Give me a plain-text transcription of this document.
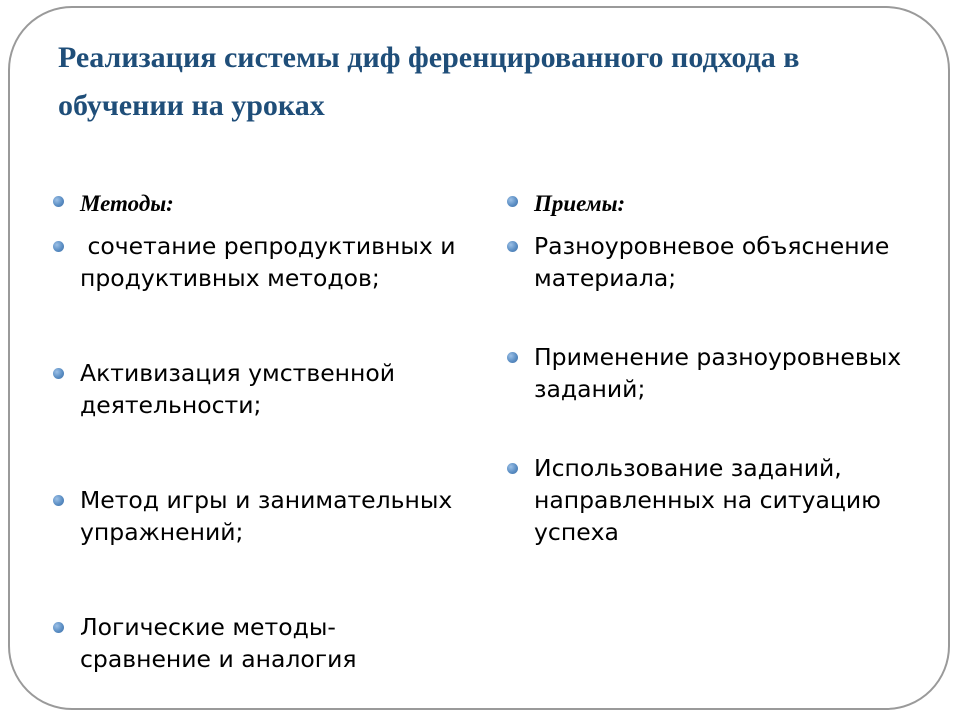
Реализация системы диф ференцированного подхода в обучении на уроках
Методы:
сочетание репродуктивных и продуктивных методов;
Активизация умственной деятельности;
Метод игры и занимательных упражнений;
Логические методы- сравнение и аналогия
Приемы:
Разноуровневое объяснение материала;
Применение разноуровневых заданий;
Использование заданий, направленных на ситуацию успеха
